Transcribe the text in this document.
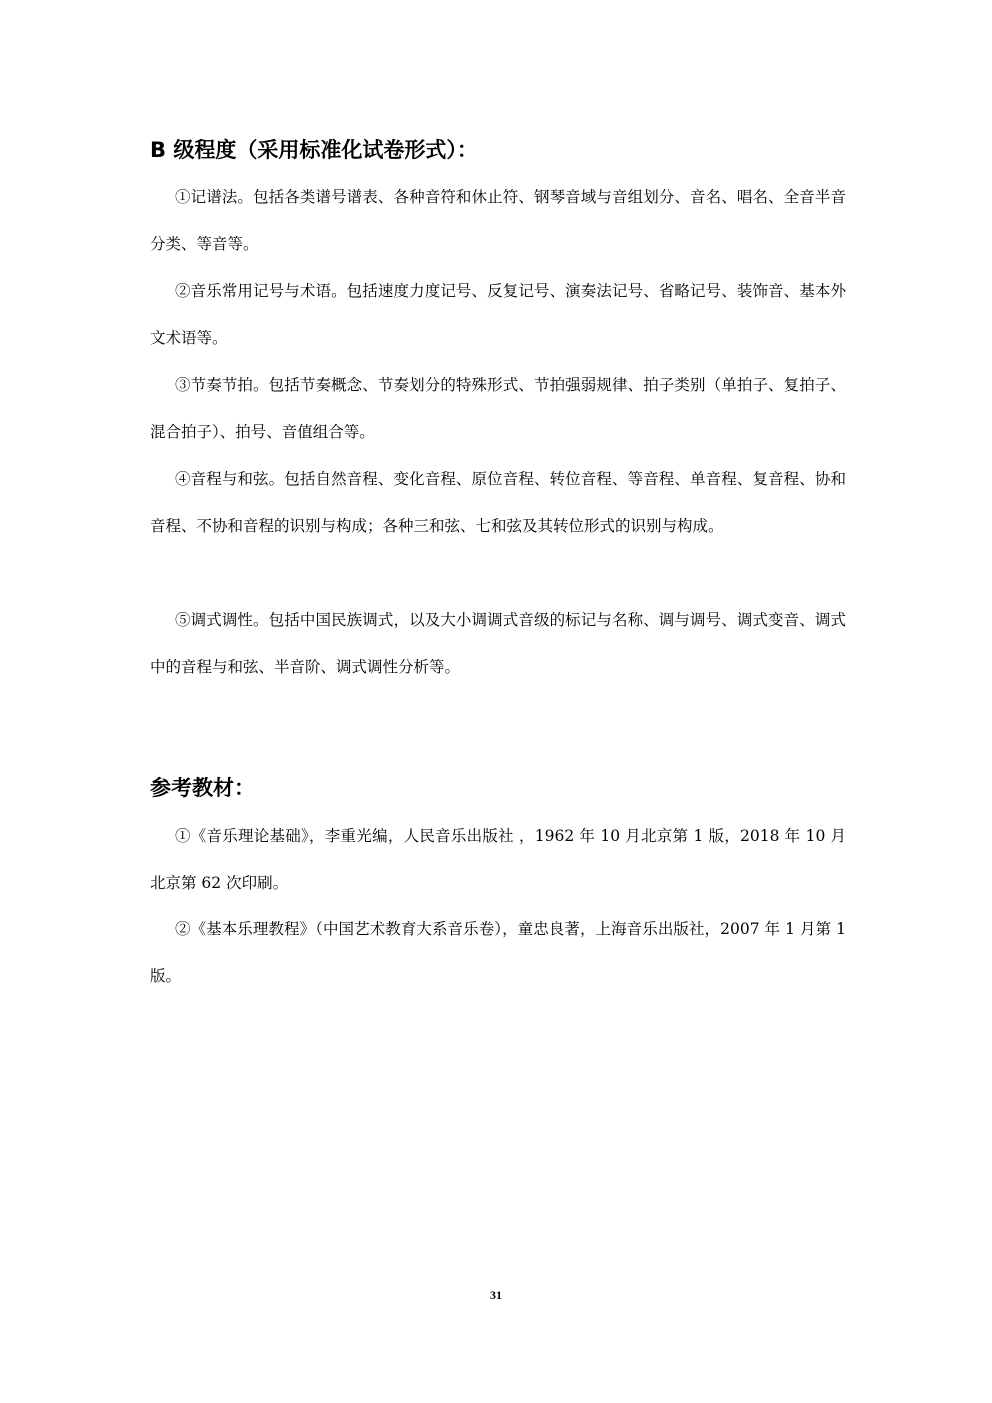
B 级程度（采用标准化试卷形式）：

①记谱法。包括各类谱号谱表、各种音符和休止符、钢琴音域与音组划分、音名、唱名、全音半音分类、等音等。

②音乐常用记号与术语。包括速度力度记号、反复记号、演奏法记号、省略记号、装饰音、基本外文术语等。

③节奏节拍。包括节奏概念、节奏划分的特殊形式、节拍强弱规律、拍子类别（单拍子、复拍子、混合拍子）、拍号、音值组合等。

④音程与和弦。包括自然音程、变化音程、原位音程、转位音程、等音程、单音程、复音程、协和音程、不协和音程的识别与构成；各种三和弦、七和弦及其转位形式的识别与构成。

⑤调式调性。包括中国民族调式，以及大小调调式音级的标记与名称、调与调号、调式变音、调式中的音程与和弦、半音阶、调式调性分析等。

参考教材：

①《音乐理论基础》，李重光编，人民音乐出版社 ，1962 年 10 月北京第 1 版，2018 年 10 月北京第 62 次印刷。

②《基本乐理教程》（中国艺术教育大系音乐卷），童忠良著，上海音乐出版社，2007 年 1 月第 1 版。

31
